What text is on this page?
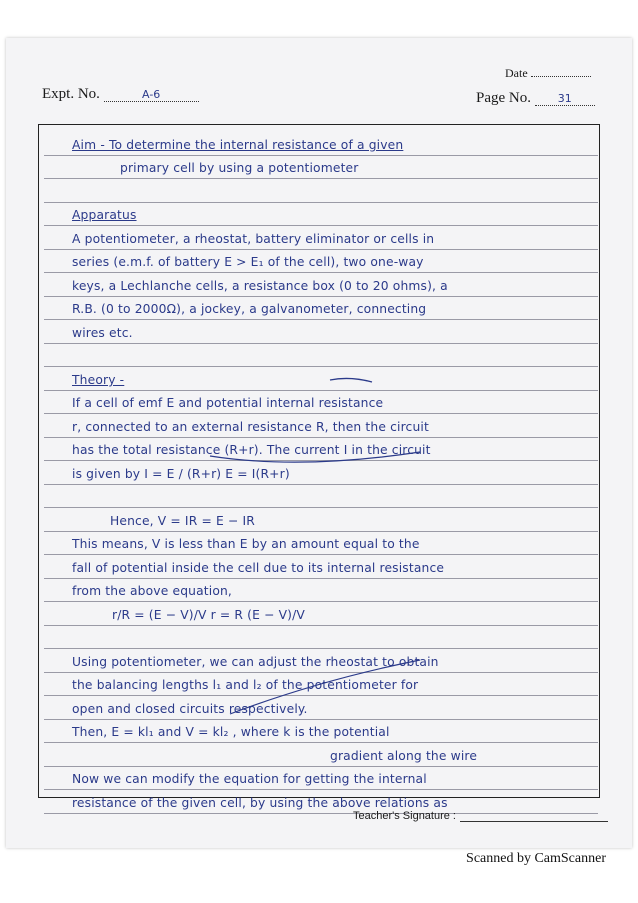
Date
Expt. No.	A-6	Page No. 31
Aim - To determine the internal resistance of a given
primary cell by using a potentiometer
Apparatus
A potentiometer, a rheostat, battery eliminator or cells in
series (e.m.f. of battery E > E₁ of the cell), two one-way
keys, a Lechlanche cells, a resistance box (0 to 20 ohms), a
R.B. (0 to 2000Ω), a jockey, a galvanometer, connecting
wires etc.
Theory -
If a cell of emf E and potential internal resistance
r, connected to an external resistance R, then the circuit
has the total resistance (R+r). The current I in the circuit
is given by I = E / (R+r) E = I(R+r)
Hence, V = IR = E − IR
This means, V is less than E by an amount equal to the
fall of potential inside the cell due to its internal resistance
from the above equation,
r/R = (E − V)/V r = R (E − V)/V
Using potentiometer, we can adjust the rheostat to obtain
the balancing lengths l₁ and l₂ of the potentiometer for
open and closed circuits respectively.
Then, E = kl₁ and V = kl₂ , where k is the potential
gradient along the wire
Now we can modify the equation for getting the internal
resistance of the given cell, by using the above relations as
Teacher's Signature :
Scanned by CamScanner
